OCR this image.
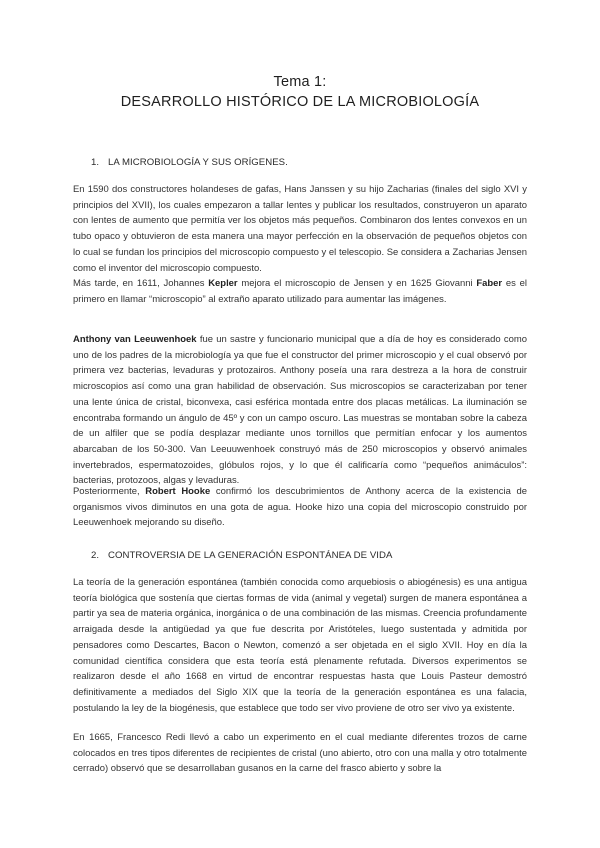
Tema 1:
DESARROLLO HISTÓRICO DE LA MICROBIOLOGÍA
1. LA MICROBIOLOGÍA Y SUS ORÍGENES.

En 1590 dos constructores holandeses de gafas, Hans Janssen y su hijo Zacharias (finales del siglo XVI y principios del XVII), los cuales empezaron a tallar lentes y publicar los resultados, construyeron un aparato con lentes de aumento que permitía ver los objetos más pequeños. Combinaron dos lentes convexos en un tubo opaco y obtuvieron de esta manera una mayor perfección en la observación de pequeños objetos con lo cual se fundan los principios del microscopio compuesto y el telescopio. Se considera a Zacharias Jensen como el inventor del microscopio compuesto.

Más tarde, en 1611, Johannes Kepler mejora el microscopio de Jensen y en 1625 Giovanni Faber es el primero en llamar “microscopio” al extraño aparato utilizado para aumentar las imágenes.

Anthony van Leeuwenhoek fue un sastre y funcionario municipal que a día de hoy es considerado como uno de los padres de la microbiología ya que fue el constructor del primer microscopio y el cual observó por primera vez bacterias, levaduras y protozairos. Anthony poseía una rara destreza a la hora de construir microscopios así como una gran habilidad de observación. Sus microscopios se caracterizaban por tener una lente única de cristal, biconvexa, casi esférica montada entre dos placas metálicas. La iluminación se encontraba formando un ángulo de 45º y con un campo oscuro. Las muestras se montaban sobre la cabeza de un alfiler que se podía desplazar mediante unos tornillos que permitían enfocar y los aumentos abarcaban de los 50-300. Van Leeuuwenhoek construyó más de 250 microscopios y observó animales invertebrados, espermatozoides, glóbulos rojos, y lo que él calificaría como “pequeños animáculos”: bacterias, protozoos, algas y levaduras.

Posteriormente, Robert Hooke confirmó los descubrimientos de Anthony acerca de la existencia de organismos vivos diminutos en una gota de agua. Hooke hizo una copia del microscopio construido por Leeuwenhoek mejorando su diseño.

2. CONTROVERSIA DE LA GENERACIÓN ESPONTÁNEA DE VIDA

La teoría de la generación espontánea (también conocida como arquebiosis o abiogénesis) es una antigua teoría biológica que sostenía que ciertas formas de vida (animal y vegetal) surgen de manera espontánea a partir ya sea de materia orgánica, inorgánica o de una combinación de las mismas. Creencia profundamente arraigada desde la antigüedad ya que fue descrita por Aristóteles, luego sustentada y admitida por pensadores como Descartes, Bacon o Newton, comenzó a ser objetada en el siglo XVII. Hoy en día la comunidad científica considera que esta teoría está plenamente refutada. Diversos experimentos se realizaron desde el año 1668 en virtud de encontrar respuestas hasta que Louis Pasteur demostró definitivamente a mediados del Siglo XIX que la teoría de la generación espontánea es una falacia, postulando la ley de la biogénesis, que establece que todo ser vivo proviene de otro ser vivo ya existente.

En 1665, Francesco Redi llevó a cabo un experimento en el cual mediante diferentes trozos de carne colocados en tres tipos diferentes de recipientes de cristal (uno abierto, otro con una malla y otro totalmente cerrado) observó que se desarrollaban gusanos en la carne del frasco abierto y sobre la
